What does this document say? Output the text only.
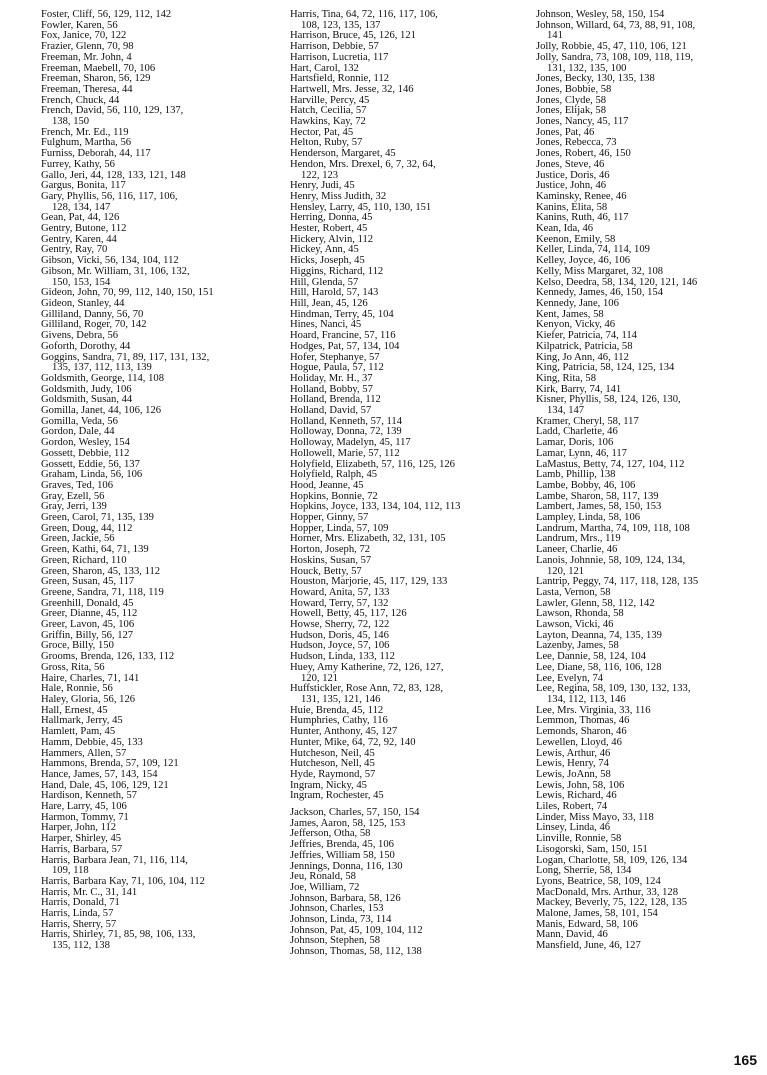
Foster, Cliff, 56, 129, 112, 142
Fowler, Karen, 56
Fox, Janice, 70, 122
Frazier, Glenn, 70, 98
Freeman, Mr. John, 4
Freeman, Maebell, 70, 106
Freeman, Sharon, 56, 129
Freeman, Theresa, 44
French, Chuck, 44
French, David, 56, 110, 129, 137,
138, 150
French, Mr. Ed., 119
Fulghum, Martha, 56
Furniss, Deborah, 44, 117
Furrey, Kathy, 56
Gallo, Jeri, 44, 128, 133, 121, 148
Gargus, Bonita, 117
Gary, Phyllis, 56, 116, 117, 106,
128, 134, 147
Gean, Pat, 44, 126
Gentry, Butone, 112
Gentry, Karen, 44
Gentry, Ray, 70
Gibson, Vicki, 56, 134, 104, 112
Gibson, Mr. William, 31, 106, 132,
150, 153, 154
Gideon, John, 70, 99, 112, 140, 150, 151
Gideon, Stanley, 44
Gilliland, Danny, 56, 70
Gilliland, Roger, 70, 142
Givens, Debra, 56
Goforth, Dorothy, 44
Goggins, Sandra, 71, 89, 117, 131, 132,
135, 137, 112, 113, 139
Goldsmith, George, 114, 108
Goldsmith, Judy, 106
Goldsmith, Susan, 44
Gomilla, Janet, 44, 106, 126
Gomilla, Veda, 56
Gordon, Dale, 44
Gordon, Wesley, 154
Gossett, Debbie, 112
Gossett, Eddie, 56, 137
Graham, Linda, 56, 106
Graves, Ted, 106
Gray, Ezell, 56
Gray, Jerri, 139
Green, Carol, 71, 135, 139
Green, Doug, 44, 112
Green, Jackie, 56
Green, Kathi, 64, 71, 139
Green, Richard, 110
Green, Sharon, 45, 133, 112
Green, Susan, 45, 117
Greene, Sandra, 71, 118, 119
Greenhill, Donald, 45
Greer, Dianne, 45, 112
Greer, Lavon, 45, 106
Griffin, Billy, 56, 127
Groce, Billy, 150
Grooms, Brenda, 126, 133, 112
Gross, Rita, 56
Haire, Charles, 71, 141
Hale, Ronnie, 56
Haley, Gloria, 56, 126
Hall, Ernest, 45
Hallmark, Jerry, 45
Hamlett, Pam, 45
Hamm, Debbie, 45, 133
Hammers, Allen, 57
Hammons, Brenda, 57, 109, 121
Hance, James, 57, 143, 154
Hand, Dale, 45, 106, 129, 121
Hardison, Kenneth, 57
Hare, Larry, 45, 106
Harmon, Tommy, 71
Harper, John, 112
Harper, Shirley, 45
Harris, Barbara, 57
Harris, Barbara Jean, 71, 116, 114,
109, 118
Harris, Barbara Kay, 71, 106, 104, 112
Harris, Mr. C., 31, 141
Harris, Donald, 71
Harris, Linda, 57
Harris, Sherry, 57
Harris, Shirley, 71, 85, 98, 106, 133,
135, 112, 138
Harris, Tina, 64, 72, 116, 117, 106,
108, 123, 135, 137
Harrison, Bruce, 45, 126, 121
Harrison, Debbie, 57
Harrison, Lucretia, 117
Hart, Carol, 132
Hartsfield, Ronnie, 112
Hartwell, Mrs. Jesse, 32, 146
Harville, Percy, 45
Hatch, Cecilia, 57
Hawkins, Kay, 72
Hector, Pat, 45
Helton, Ruby, 57
Henderson, Margaret, 45
Hendon, Mrs. Drexel, 6, 7, 32, 64,
122, 123
Henry, Judi, 45
Henry, Miss Judith, 32
Hensley, Larry, 45, 110, 130, 151
Herring, Donna, 45
Hester, Robert, 45
Hickery, Alvin, 112
Hickey, Ann, 45
Hicks, Joseph, 45
Higgins, Richard, 112
Hill, Glenda, 57
Hill, Harold, 57, 143
Hill, Jean, 45, 126
Hindman, Terry, 45, 104
Hines, Nanci, 45
Hoard, Francine, 57, 116
Hodges, Pat, 57, 134, 104
Hofer, Stephanye, 57
Hogue, Paula, 57, 112
Holiday, Mr. H., 37
Holland, Bobby, 57
Holland, Brenda, 112
Holland, David, 57
Holland, Kenneth, 57, 114
Holloway, Donna, 72, 139
Holloway, Madelyn, 45, 117
Hollowell, Marie, 57, 112
Holyfield, Elizabeth, 57, 116, 125, 126
Holyfield, Ralph, 45
Hood, Jeanne, 45
Hopkins, Bonnie, 72
Hopkins, Joyce, 133, 134, 104, 112, 113
Hopper, Ginny, 57
Hopper, Linda, 57, 109
Horner, Mrs. Elizabeth, 32, 131, 105
Horton, Joseph, 72
Hoskins, Susan, 57
Houck, Betty, 57
Houston, Marjorie, 45, 117, 129, 133
Howard, Anita, 57, 133
Howard, Terry, 57, 132
Howell, Betty, 45, 117, 126
Howse, Sherry, 72, 122
Hudson, Doris, 45, 146
Hudson, Joyce, 57, 106
Hudson, Linda, 133, 112
Huey, Amy Katherine, 72, 126, 127,
120, 121
Huffstickler, Rose Ann, 72, 83, 128,
131, 135, 121, 146
Huie, Brenda, 45, 112
Humphries, Cathy, 116
Hunter, Anthony, 45, 127
Hunter, Mike, 64, 72, 92, 140
Hutcheson, Neil, 45
Hutcheson, Nell, 45
Hyde, Raymond, 57
Ingram, Nicky, 45
Ingram, Rochester, 45
Jackson, Charles, 57, 150, 154
James, Aaron, 58, 125, 153
Jefferson, Otha, 58
Jeffries, Brenda, 45, 106
Jeffries, William 58, 150
Jennings, Donna, 116, 130
Jeu, Ronald, 58
Joe, William, 72
Johnson, Barbara, 58, 126
Johnson, Charles, 153
Johnson, Linda, 73, 114
Johnson, Pat, 45, 109, 104, 112
Johnson, Stephen, 58
Johnson, Thomas, 58, 112, 138
Johnson, Wesley, 58, 150, 154
Johnson, Willard, 64, 73, 88, 91, 108,
141
Jolly, Robbie, 45, 47, 110, 106, 121
Jolly, Sandra, 73, 108, 109, 118, 119,
131, 132, 135, 100
Jones, Becky, 130, 135, 138
Jones, Bobbie, 58
Jones, Clyde, 58
Jones, Elijak, 58
Jones, Nancy, 45, 117
Jones, Pat, 46
Jones, Rebecca, 73
Jones, Robert, 46, 150
Jones, Steve, 46
Justice, Doris, 46
Justice, John, 46
Kaminsky, Renee, 46
Kanins, Elita, 58
Kanins, Ruth, 46, 117
Kean, Ida, 46
Keenon, Emily, 58
Keller, Linda, 74, 114, 109
Kelley, Joyce, 46, 106
Kelly, Miss Margaret, 32, 108
Kelso, Deedra, 58, 134, 120, 121, 146
Kennedy, James, 46, 150, 154
Kennedy, Jane, 106
Kent, James, 58
Kenyon, Vicky, 46
Kiefer, Patricia, 74, 114
Kilpatrick, Patricia, 58
King, Jo Ann, 46, 112
King, Patricia, 58, 124, 125, 134
King, Rita, 58
Kirk, Barry, 74, 141
Kisner, Phyllis, 58, 124, 126, 130,
134, 147
Kramer, Cheryl, 58, 117
Ladd, Charlette, 46
Lamar, Doris, 106
Lamar, Lynn, 46, 117
LaMastus, Betty, 74, 127, 104, 112
Lamb, Phillip, 138
Lambe, Bobby, 46, 106
Lambe, Sharon, 58, 117, 139
Lambert, James, 58, 150, 153
Lampley, Linda, 58, 106
Landrum, Martha, 74, 109, 118, 108
Landrum, Mrs., 119
Laneer, Charlie, 46
Lanois, Johnnie, 58, 109, 124, 134,
120, 121
Lantrip, Peggy, 74, 117, 118, 128, 135
Lasta, Vernon, 58
Lawler, Glenn, 58, 112, 142
Lawson, Rhonda, 58
Lawson, Vicki, 46
Layton, Deanna, 74, 135, 139
Lazenby, James, 58
Lee, Dannie, 58, 124, 104
Lee, Diane, 58, 116, 106, 128
Lee, Evelyn, 74
Lee, Regina, 58, 109, 130, 132, 133,
134, 112, 113, 146
Lee, Mrs. Virginia, 33, 116
Lemmon, Thomas, 46
Lemonds, Sharon, 46
Lewellen, Lloyd, 46
Lewis, Arthur, 46
Lewis, Henry, 74
Lewis, JoAnn, 58
Lewis, John, 58, 106
Lewis, Richard, 46
Liles, Robert, 74
Linder, Miss Mayo, 33, 118
Linsey, Linda, 46
Linville, Ronnie, 58
Lisogorski, Sam, 150, 151
Logan, Charlotte, 58, 109, 126, 134
Long, Sherrie, 58, 134
Lyons, Beatrice, 58, 109, 124
MacDonald, Mrs. Arthur, 33, 128
Mackey, Beverly, 75, 122, 128, 135
Malone, James, 58, 101, 154
Manis, Edward, 58, 106
Mann, David, 46
Mansfield, June, 46, 127
165
